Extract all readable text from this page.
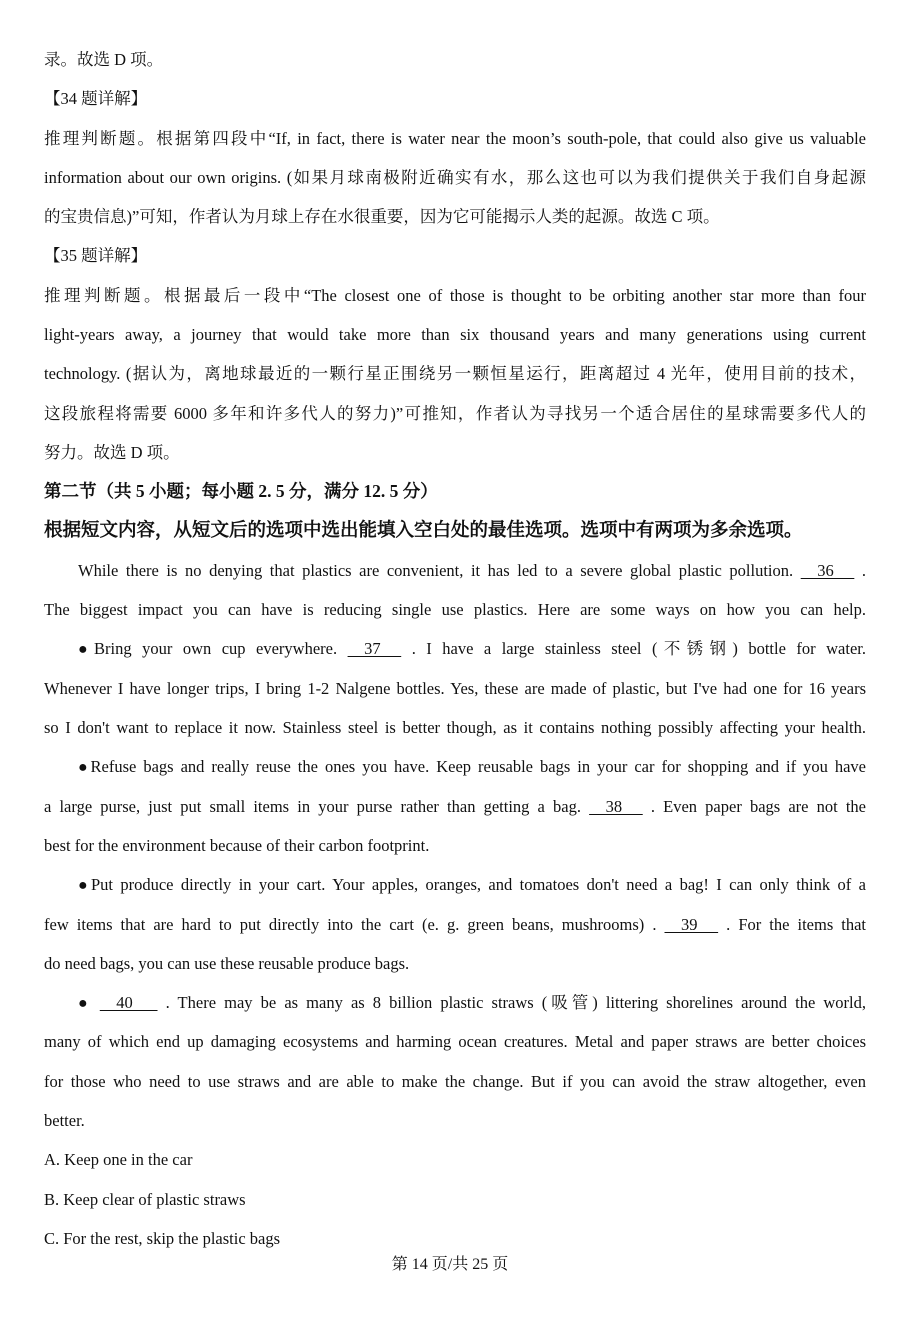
录。故选 D 项。
【34 题详解】
推理判断题。根据第四段中“If, in fact, there is water near the moon’s south-pole, that could also give us valuable
information about our own origins. (如果月球南极附近确实有水，那么这也可以为我们提供关于我们自身起源
的宝贵信息)”可知，作者认为月球上存在水很重要，因为它可能揭示人类的起源。故选 C 项。
【35 题详解】
推理判断题。根据最后一段中“The closest one of those is thought to be orbiting another star more than four
light-years away, a journey that would take more than six thousand years and many generations using current
technology. (据认为，离地球最近的一颗行星正围绕另一颗恒星运行，距离超过 4 光年，使用目前的技术，
这段旅程将需要 6000 多年和许多代人的努力)”可推知，作者认为寻找另一个适合居住的星球需要多代人的
努力。故选 D 项。
第二节（共 5 小题；每小题 2. 5 分，满分 12. 5 分）
根据短文内容，从短文后的选项中选出能填入空白处的最佳选项。选项中有两项为多余选项。
While there is no denying that plastics are convenient, it has led to a severe global plastic pollution.     36      .
The biggest impact you can have is reducing single use plastics. Here are some ways on how you can help.
●Bring your own cup everywhere.     37      . I have a large stainless steel (不锈钢) bottle for water.
Whenever I have longer trips, I bring 1-2 Nalgene bottles. Yes, these are made of plastic, but I've had one for 16 years
so I don't want to replace it now. Stainless steel is better though, as it contains nothing possibly affecting your health.
●Refuse bags and really reuse the ones you have. Keep reusable bags in your car for shopping and if you have
a large purse, just put small items in your purse rather than getting a bag.     38      . Even paper bags are not the
best for the environment because of their carbon footprint.
●Put produce directly in your cart. Your apples, oranges, and tomatoes don't need a bag! I can only think of a
few items that are hard to put directly into the cart (e. g. green beans, mushrooms) .     39      . For the items that
do need bags, you can use these reusable produce bags.
●     40       . There may be as many as 8 billion plastic straws (吸管) littering shorelines around the world,
many of which end up damaging ecosystems and harming ocean creatures. Metal and paper straws are better choices
for those who need to use straws and are able to make the change. But if you can avoid the straw altogether, even
better.
A. Keep one in the car
B. Keep clear of plastic straws
C. For the rest, skip the plastic bags
第 14 页/共 25 页
